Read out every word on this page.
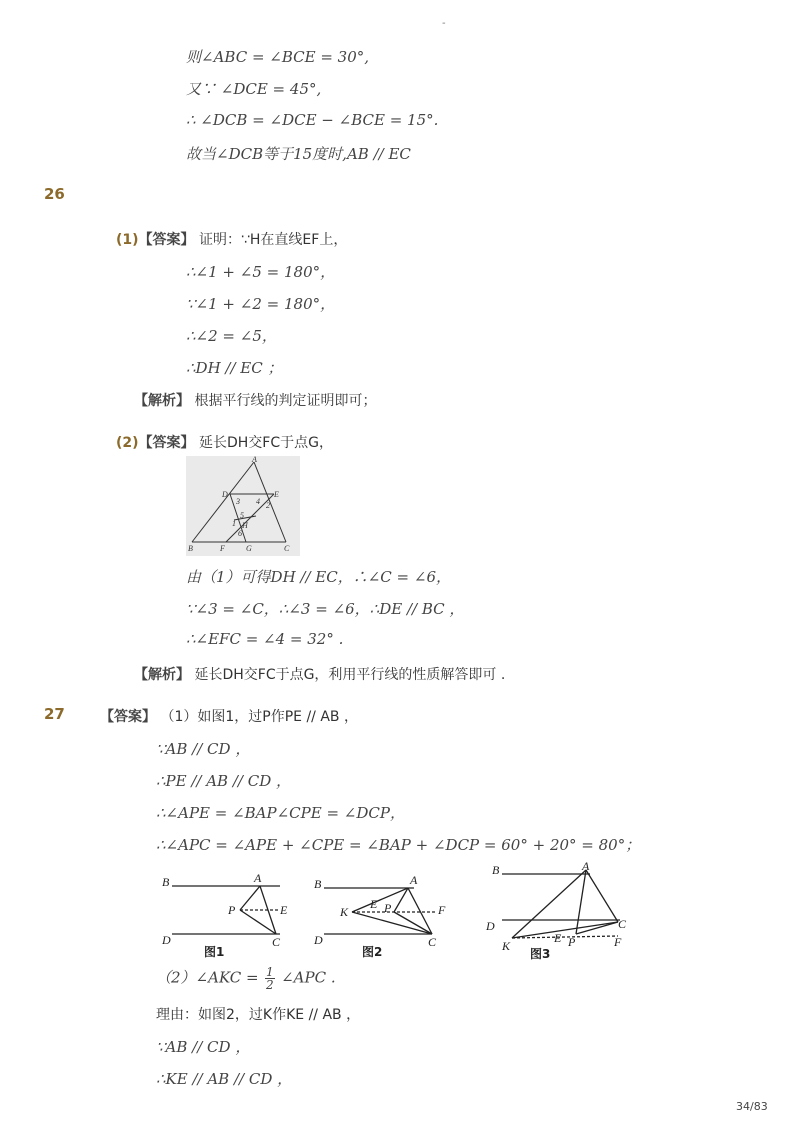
-
则∠ABC = ∠BCE = 30°,
又∵ ∠DCE = 45°,
∴ ∠DCB = ∠DCE − ∠BCE = 15°.
故当∠DCB等于15度时,AB // EC
26
(1)【答案】 证明：∵H在直线EF上，
∴∠1 + ∠5 = 180°，
∵∠1 + ∠2 = 180°，
∴∠2 = ∠5，
∴DH // EC ；
【解析】 根据平行线的判定证明即可；
(2)【答案】 延长DH交FC于点G，
A
D	E
3 4 2
5
1 H
6
B	F	G	C
由（1）可得DH // EC，∴∠C = ∠6，
∵∠3 = ∠C，∴∠3 = ∠6，∴DE // BC ，
∴∠EFC = ∠4 = 32° .
【解析】 延长DH交FC于点G，利用平行线的性质解答即可 .
27	【答案】 （1）如图1，过P作PE // AB ，
∵AB // CD ，
∴PE // AB // CD ，
∴∠APE = ∠BAP∠CPE = ∠DCP，
∴∠APC = ∠APE + ∠CPE = ∠BAP + ∠DCP = 60° + 20° = 80°；
B	A
P	E
D	C
图1
B	A
K
E P	F
D	C
图2
B	A
D	C
K
E P	F
图3
（2）∠AKC = $\frac{1}{2}$ ∠APC .
理由：如图2，过K作KE // AB ，
∵AB // CD ，
∴KE // AB // CD ，
34/83
